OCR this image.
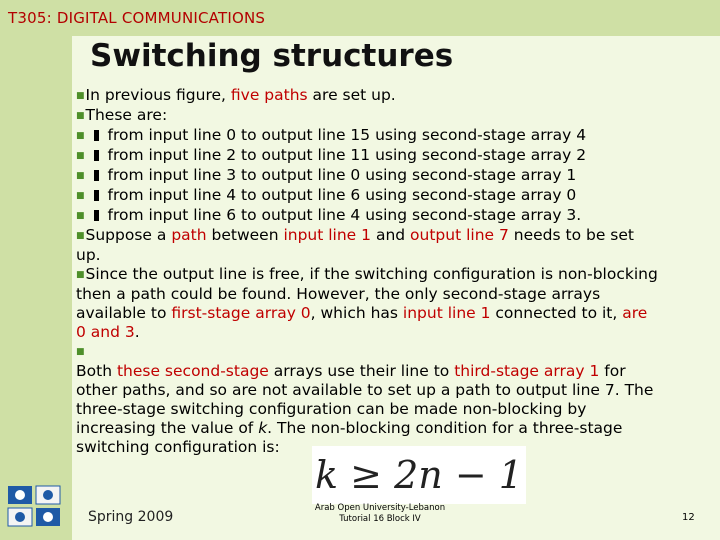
T305: DIGITAL COMMUNICATIONS
Switching structures

■In previous figure, five paths are set up.

■These are:

■ from input line 0 to output line 15 using second-stage array 4

■ from input line 2 to output line 11 using second-stage array 2

■ from input line 3 to output line 0 using second-stage array 1

■ from input line 4 to output line 6 using second-stage array 0

■ from input line 6 to output line 4 using second-stage array 3.

■Suppose a path between input line 1 and output line 7 needs to be set up.

■Since the output line is free, if the switching configuration is non-blocking then a path could be found. However, the only second-stage arrays available to first-stage array 0, which has input line 1 connected to it, are 0 and 3.

■

Both these second-stage arrays use their line to third-stage array 1 for other paths, and so are not available to set up a path to output line 7. The three-stage switching configuration can be made non-blocking by increasing the value of k. The non-blocking condition for a three-stage switching configuration is:

k
≥
2n − 1
Spring 2009
Arab Open University-Lebanon
Tutorial 16 Block IV	12
